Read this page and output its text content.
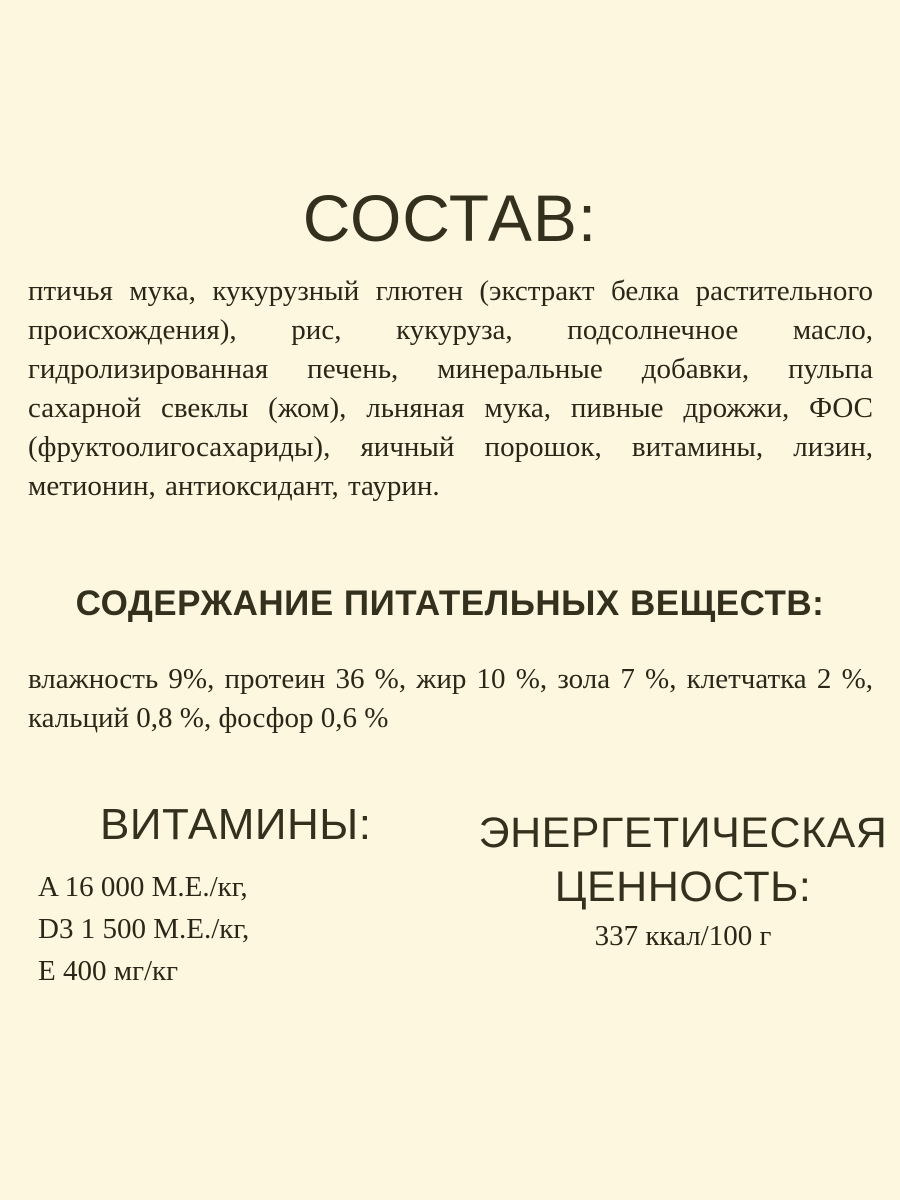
СОСТАВ:

птичья мука, кукурузный глютен (экстракт белка растительного происхождения), рис, кукуруза, подсолнечное масло, гидролизированная печень, минеральные добавки, пульпа сахарной свеклы (жом), льняная мука, пивные дрожжи, ФОС (фруктоолигосахариды), яичный порошок, витамины, лизин, метионин, антиоксидант, таурин.

СОДЕРЖАНИЕ ПИТАТЕЛЬНЫХ ВЕЩЕСТВ:

влажность 9%, протеин 36 %, жир 10 %, зола 7 %, клетчатка 2 %, кальций 0,8 %, фосфор 0,6 %

ВИТАМИНЫ:
A 16 000 М.Е./кг,
D3 1 500 М.Е./кг,
E 400 мг/кг
ЭНЕРГЕТИЧЕСКАЯ
ЦЕННОСТЬ:
337 ккал/100 г
